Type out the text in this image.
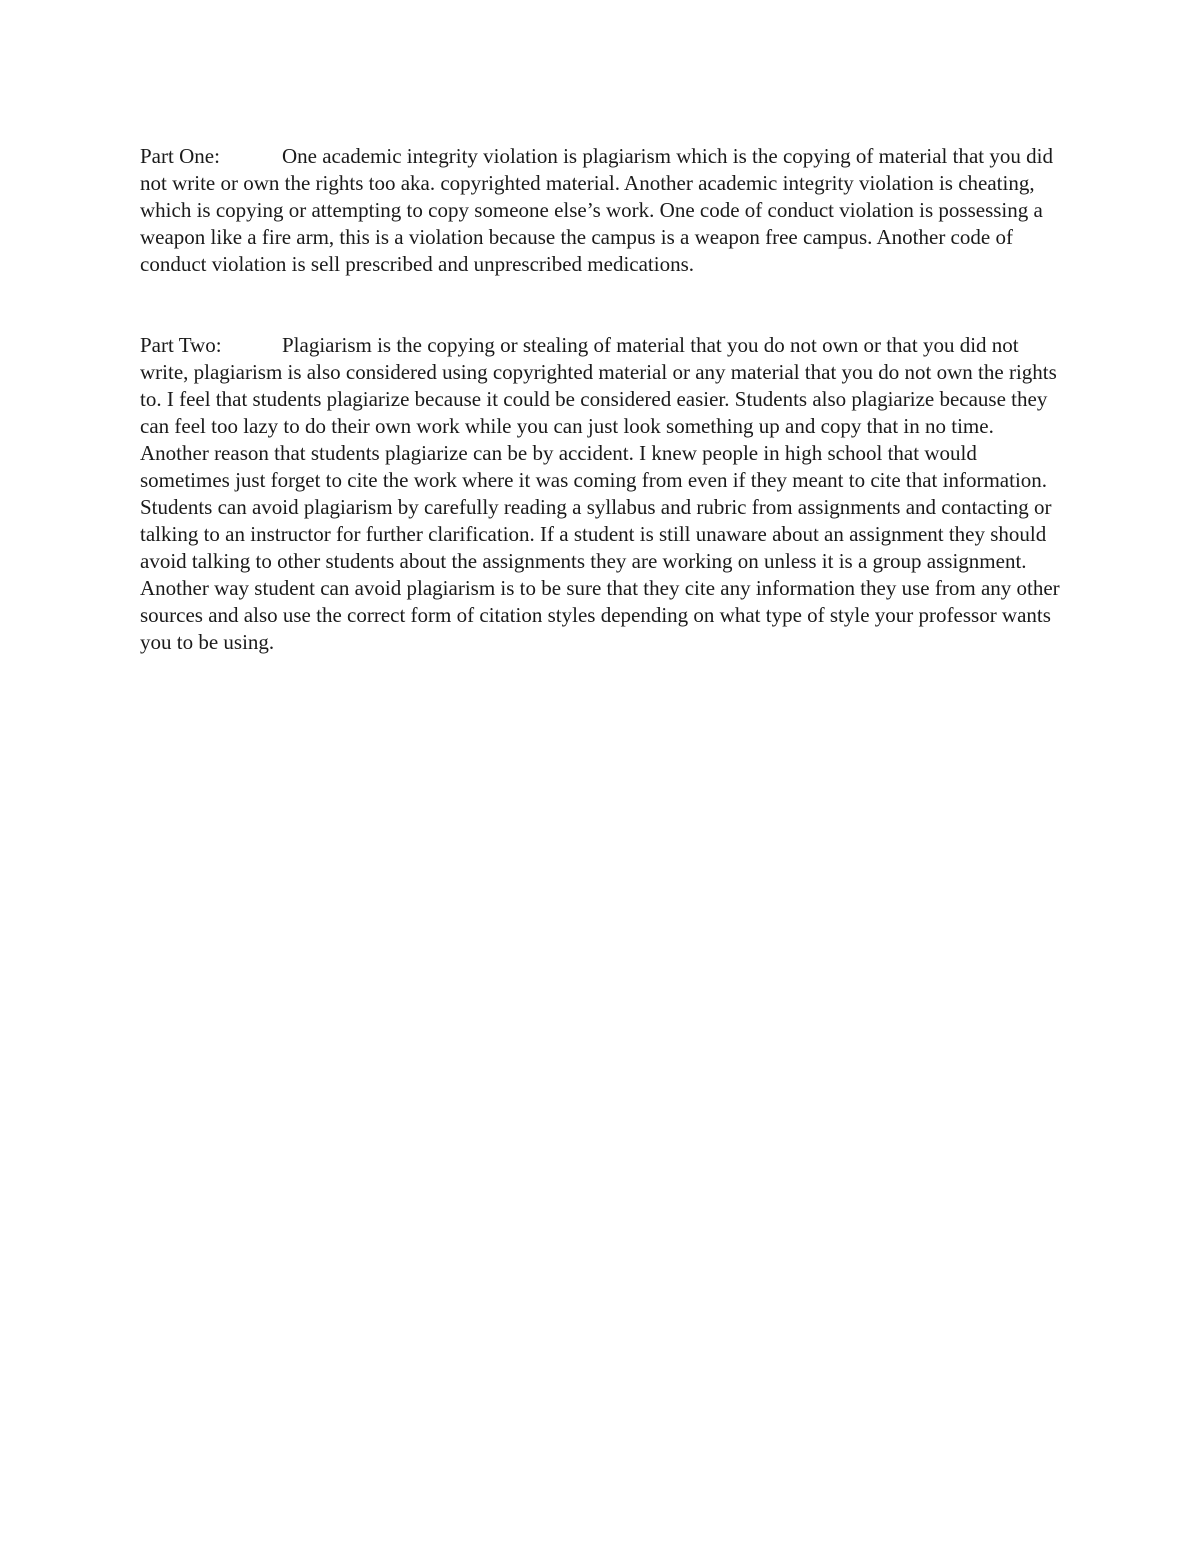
Part One:	One academic integrity violation is plagiarism which is the copying of material that you did not write or own the rights too aka. copyrighted material. Another academic integrity violation is cheating, which is copying or attempting to copy someone else’s work. One code of conduct violation is possessing a weapon like a fire arm, this is a violation because the campus is a weapon free campus. Another code of conduct violation is sell prescribed and unprescribed medications.

Part Two:	Plagiarism is the copying or stealing of material that you do not own or that you did not write, plagiarism is also considered using copyrighted material or any material that you do not own the rights to. I feel that students plagiarize because it could be considered easier. Students also plagiarize because they can feel too lazy to do their own work while you can just look something up and copy that in no time. Another reason that students plagiarize can be by accident. I knew people in high school that would sometimes just forget to cite the work where it was coming from even if they meant to cite that information. Students can avoid plagiarism by carefully reading a syllabus and rubric from assignments and contacting or talking to an instructor for further clarification. If a student is still unaware about an assignment they should avoid talking to other students about the assignments they are working on unless it is a group assignment. Another way student can avoid plagiarism is to be sure that they cite any information they use from any other sources and also use the correct form of citation styles depending on what type of style your professor wants you to be using.
